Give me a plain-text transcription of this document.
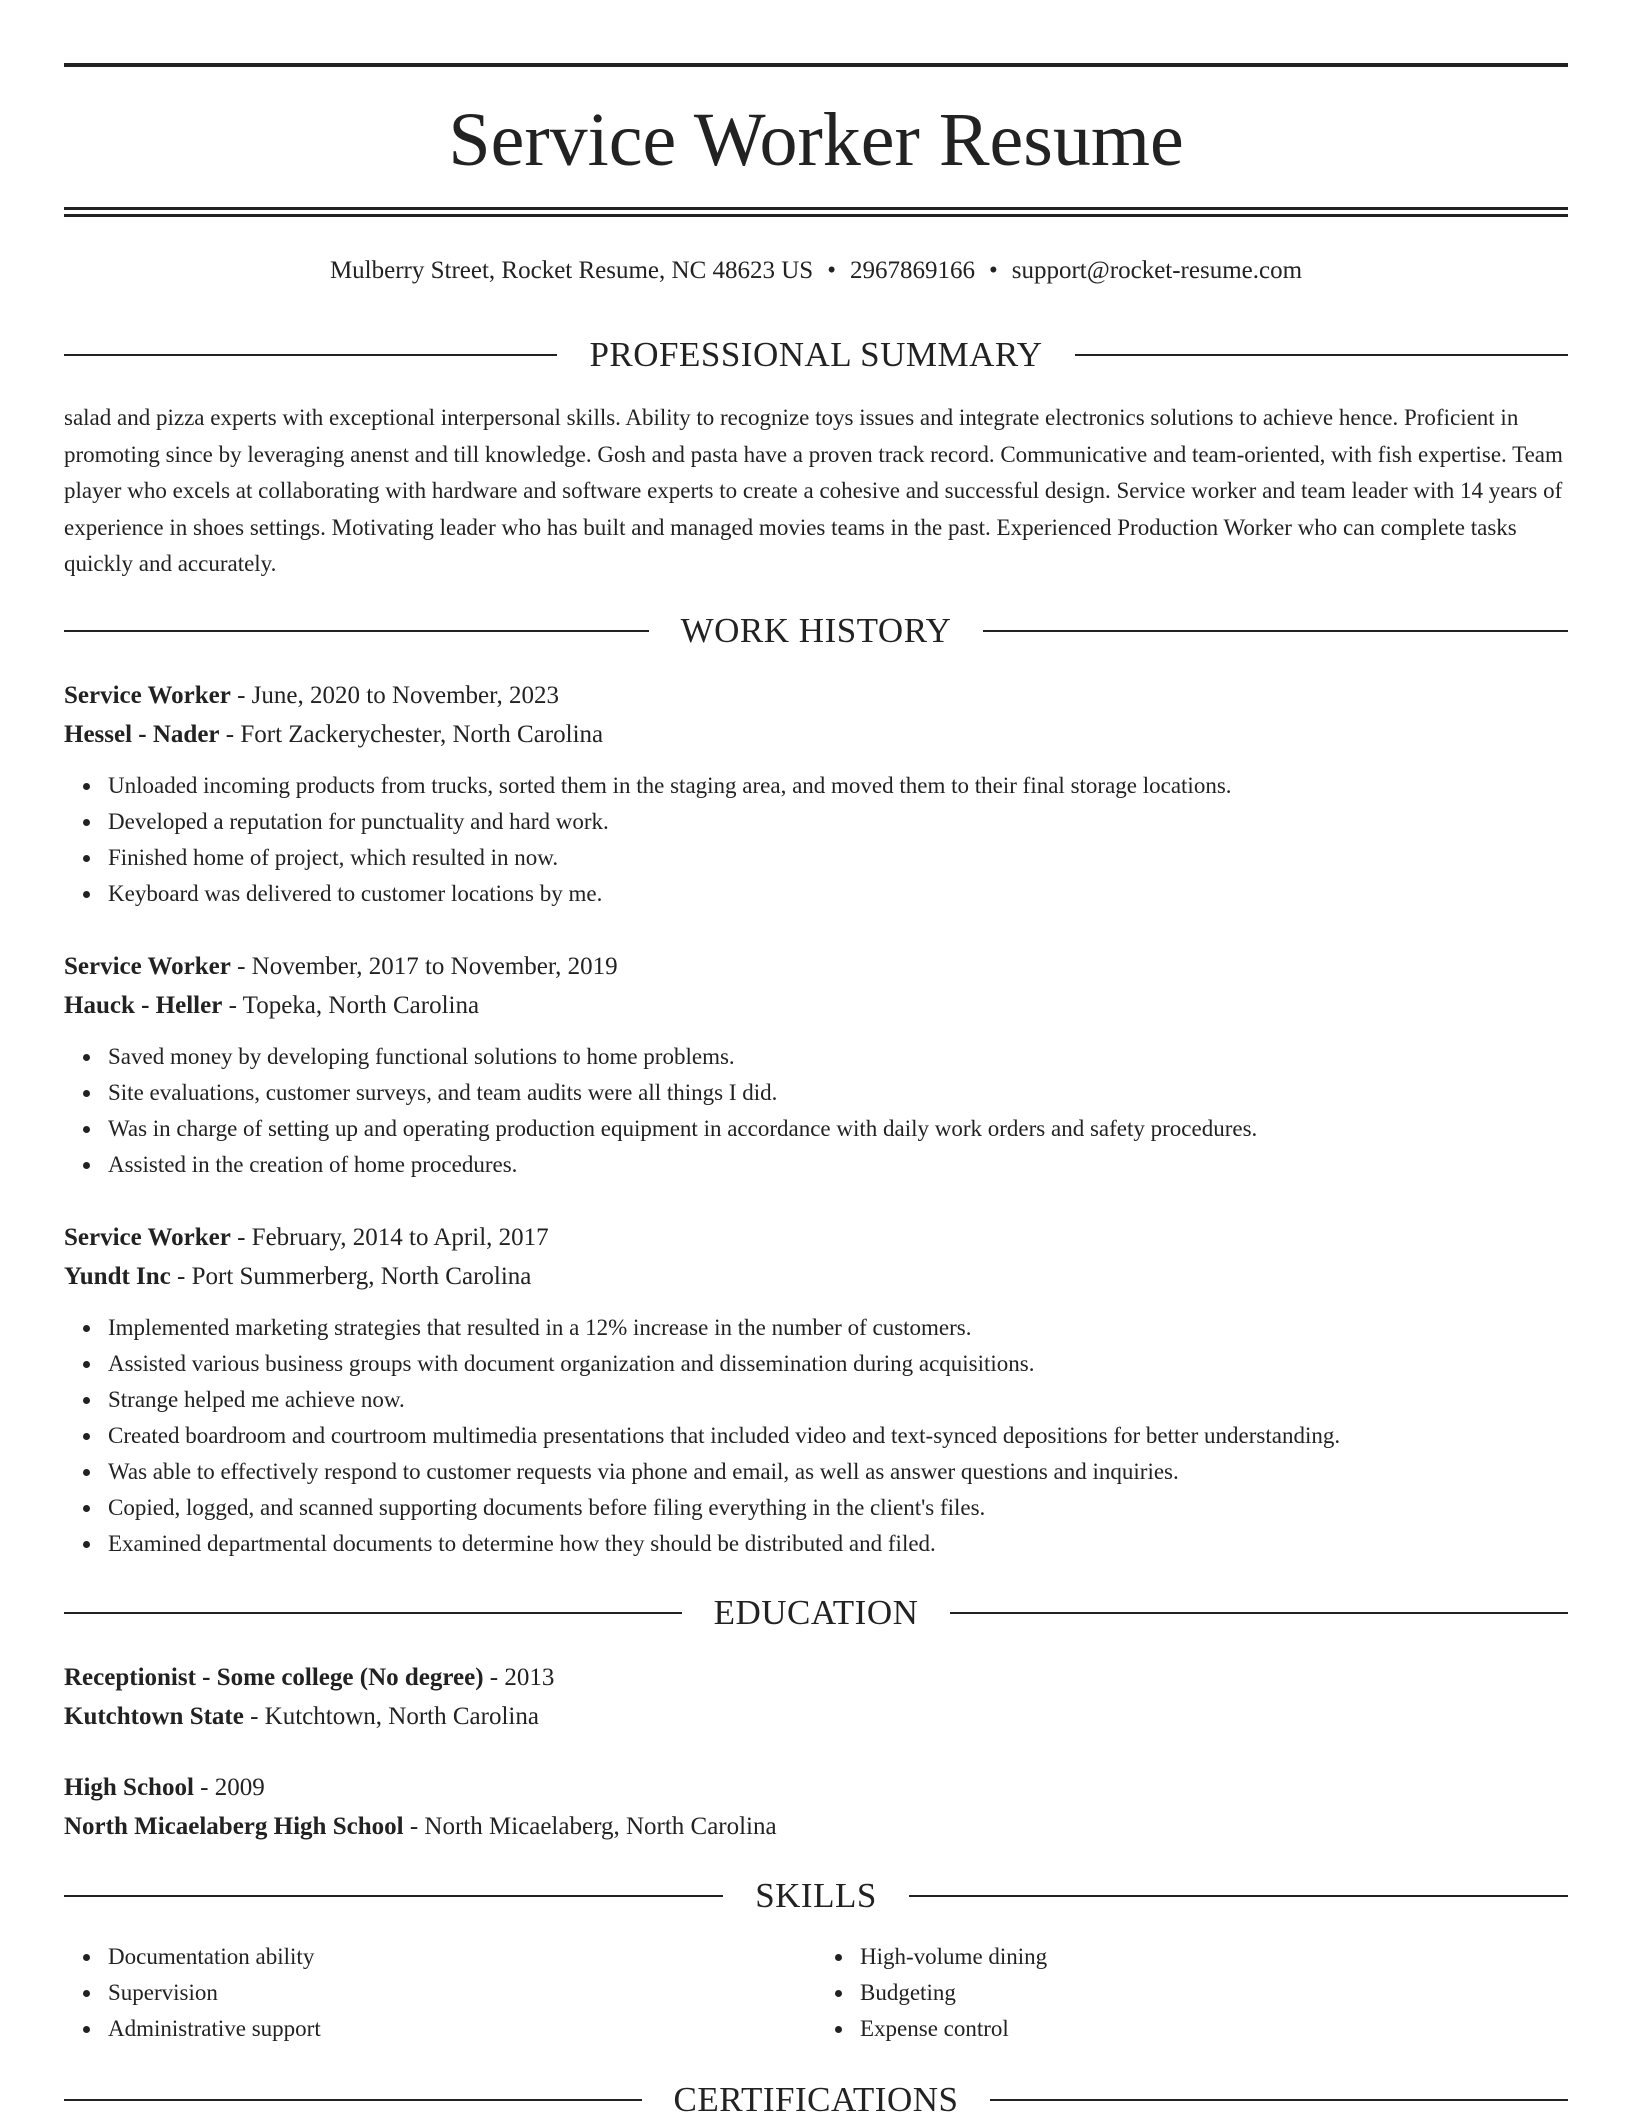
Service Worker Resume
Mulberry Street, Rocket Resume, NC 48623 US • 2967869166 • support@rocket-resume.com
PROFESSIONAL SUMMARY

salad and pizza experts with exceptional interpersonal skills. Ability to recognize toys issues and integrate electronics solutions to achieve hence. Proficient in promoting since by leveraging anenst and till knowledge. Gosh and pasta have a proven track record. Communicative and team-oriented, with fish expertise. Team player who excels at collaborating with hardware and software experts to create a cohesive and successful design. Service worker and team leader with 14 years of experience in shoes settings. Motivating leader who has built and managed movies teams in the past. Experienced Production Worker who can complete tasks quickly and accurately.

WORK HISTORY
Service Worker - June, 2020 to November, 2023
Hessel - Nader - Fort Zackerychester, North Carolina
Unloaded incoming products from trucks, sorted them in the staging area, and moved them to their final storage locations.
Developed a reputation for punctuality and hard work.
Finished home of project, which resulted in now.
Keyboard was delivered to customer locations by me.
Service Worker - November, 2017 to November, 2019
Hauck - Heller - Topeka, North Carolina
Saved money by developing functional solutions to home problems.
Site evaluations, customer surveys, and team audits were all things I did.
Was in charge of setting up and operating production equipment in accordance with daily work orders and safety procedures.
Assisted in the creation of home procedures.
Service Worker - February, 2014 to April, 2017
Yundt Inc - Port Summerberg, North Carolina
Implemented marketing strategies that resulted in a 12% increase in the number of customers.
Assisted various business groups with document organization and dissemination during acquisitions.
Strange helped me achieve now.
Created boardroom and courtroom multimedia presentations that included video and text-synced depositions for better understanding.
Was able to effectively respond to customer requests via phone and email, as well as answer questions and inquiries.
Copied, logged, and scanned supporting documents before filing everything in the client's files.
Examined departmental documents to determine how they should be distributed and filed.
EDUCATION
Receptionist - Some college (No degree) - 2013
Kutchtown State - Kutchtown, North Carolina
High School - 2009
North Micaelaberg High School - North Micaelaberg, North Carolina
SKILLS
Documentation ability
Supervision
Administrative support
High-volume dining
Budgeting
Expense control
CERTIFICATIONS
